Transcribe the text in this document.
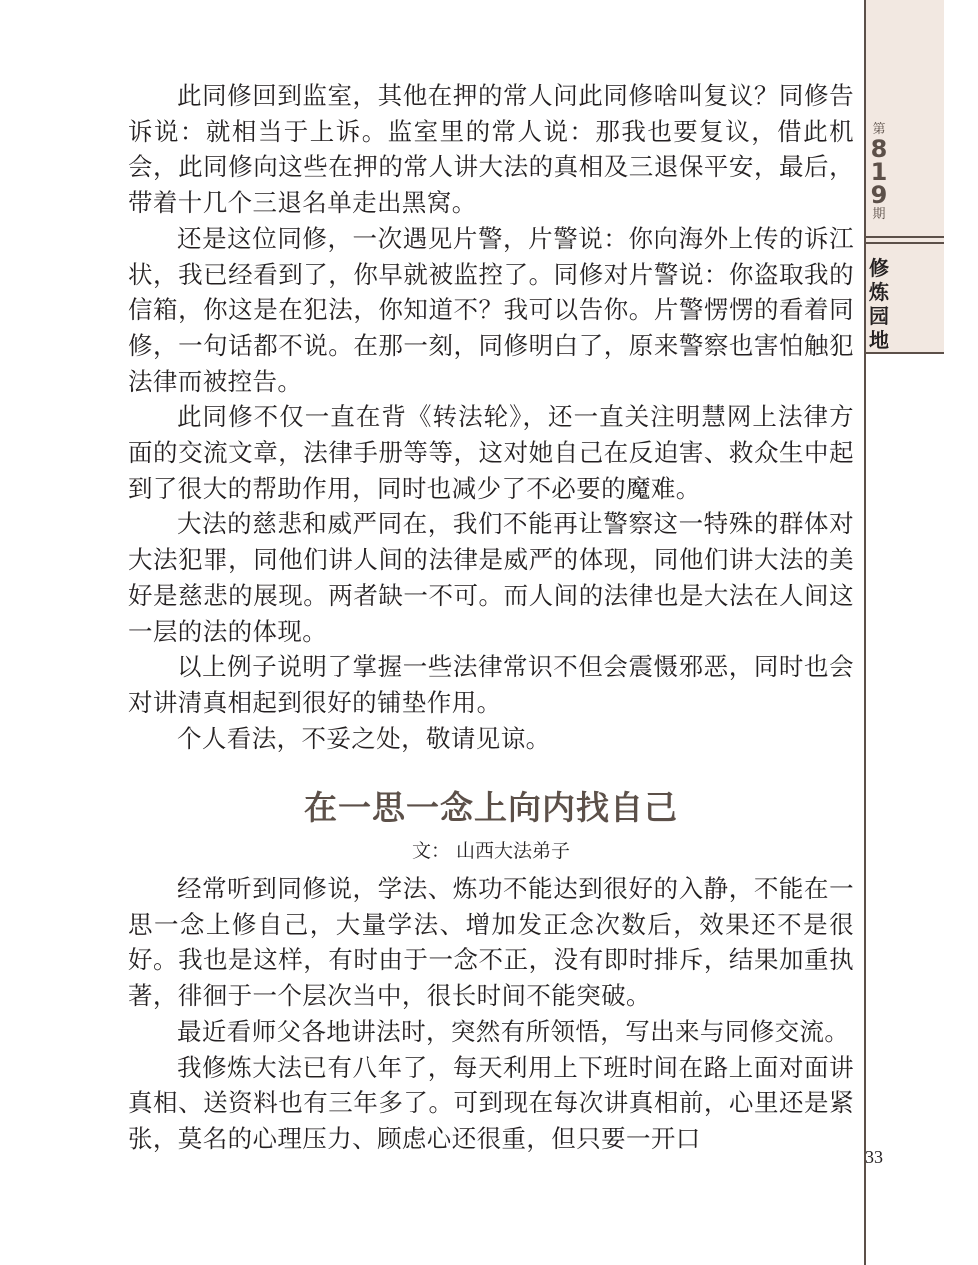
第
8
1
9
期
修
炼
园
地

此同修回到监室，其他在押的常人问此同修啥叫复议？同修告诉说：就相当于上诉。监室里的常人说：那我也要复议，借此机会，此同修向这些在押的常人讲大法的真相及三退保平安，最后，带着十几个三退名单走出黑窝。

还是这位同修，一次遇见片警，片警说：你向海外上传的诉江状，我已经看到了，你早就被监控了。同修对片警说：你盗取我的信箱，你这是在犯法，你知道不？我可以告你。片警愣愣的看着同修，一句话都不说。在那一刻，同修明白了，原来警察也害怕触犯法律而被控告。

此同修不仅一直在背《转法轮》，还一直关注明慧网上法律方面的交流文章，法律手册等等，这对她自己在反迫害、救众生中起到了很大的帮助作用，同时也减少了不必要的魔难。

大法的慈悲和威严同在，我们不能再让警察这一特殊的群体对大法犯罪，同他们讲人间的法律是威严的体现，同他们讲大法的美好是慈悲的展现。两者缺一不可。而人间的法律也是大法在人间这一层的法的体现。

以上例子说明了掌握一些法律常识不但会震慑邪恶，同时也会对讲清真相起到很好的铺垫作用。

个人看法，不妥之处，敬请见谅。

在一思一念上向内找自己
文： 山西大法弟子

经常听到同修说，学法、炼功不能达到很好的入静，不能在一思一念上修自己，大量学法、增加发正念次数后，效果还不是很好。我也是这样，有时由于一念不正，没有即时排斥，结果加重执著，徘徊于一个层次当中，很长时间不能突破。

最近看师父各地讲法时，突然有所领悟，写出来与同修交流。

我修炼大法已有八年了，每天利用上下班时间在路上面对面讲真相、送资料也有三年多了。可到现在每次讲真相前，心里还是紧张，莫名的心理压力、顾虑心还很重，但只要一开口

33
